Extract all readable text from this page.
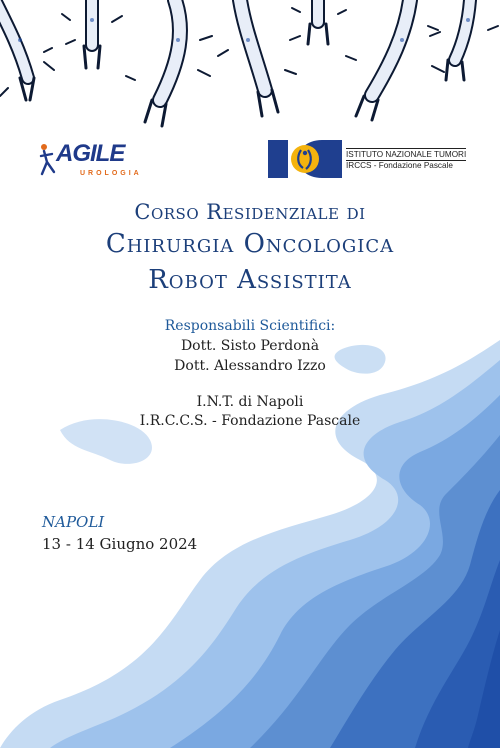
AGILE
UROLOGIA
ISTITUTO NAZIONALE TUMORI
IRCCS - Fondazione Pascale
Corso Residenziale di
Chirurgia Oncologica
Robot Assistita
Responsabili Scientifici:
Dott. Sisto Perdonà
Dott. Alessandro Izzo
I.N.T. di Napoli
I.R.C.C.S. - Fondazione Pascale
NAPOLI
13 - 14 Giugno 2024
